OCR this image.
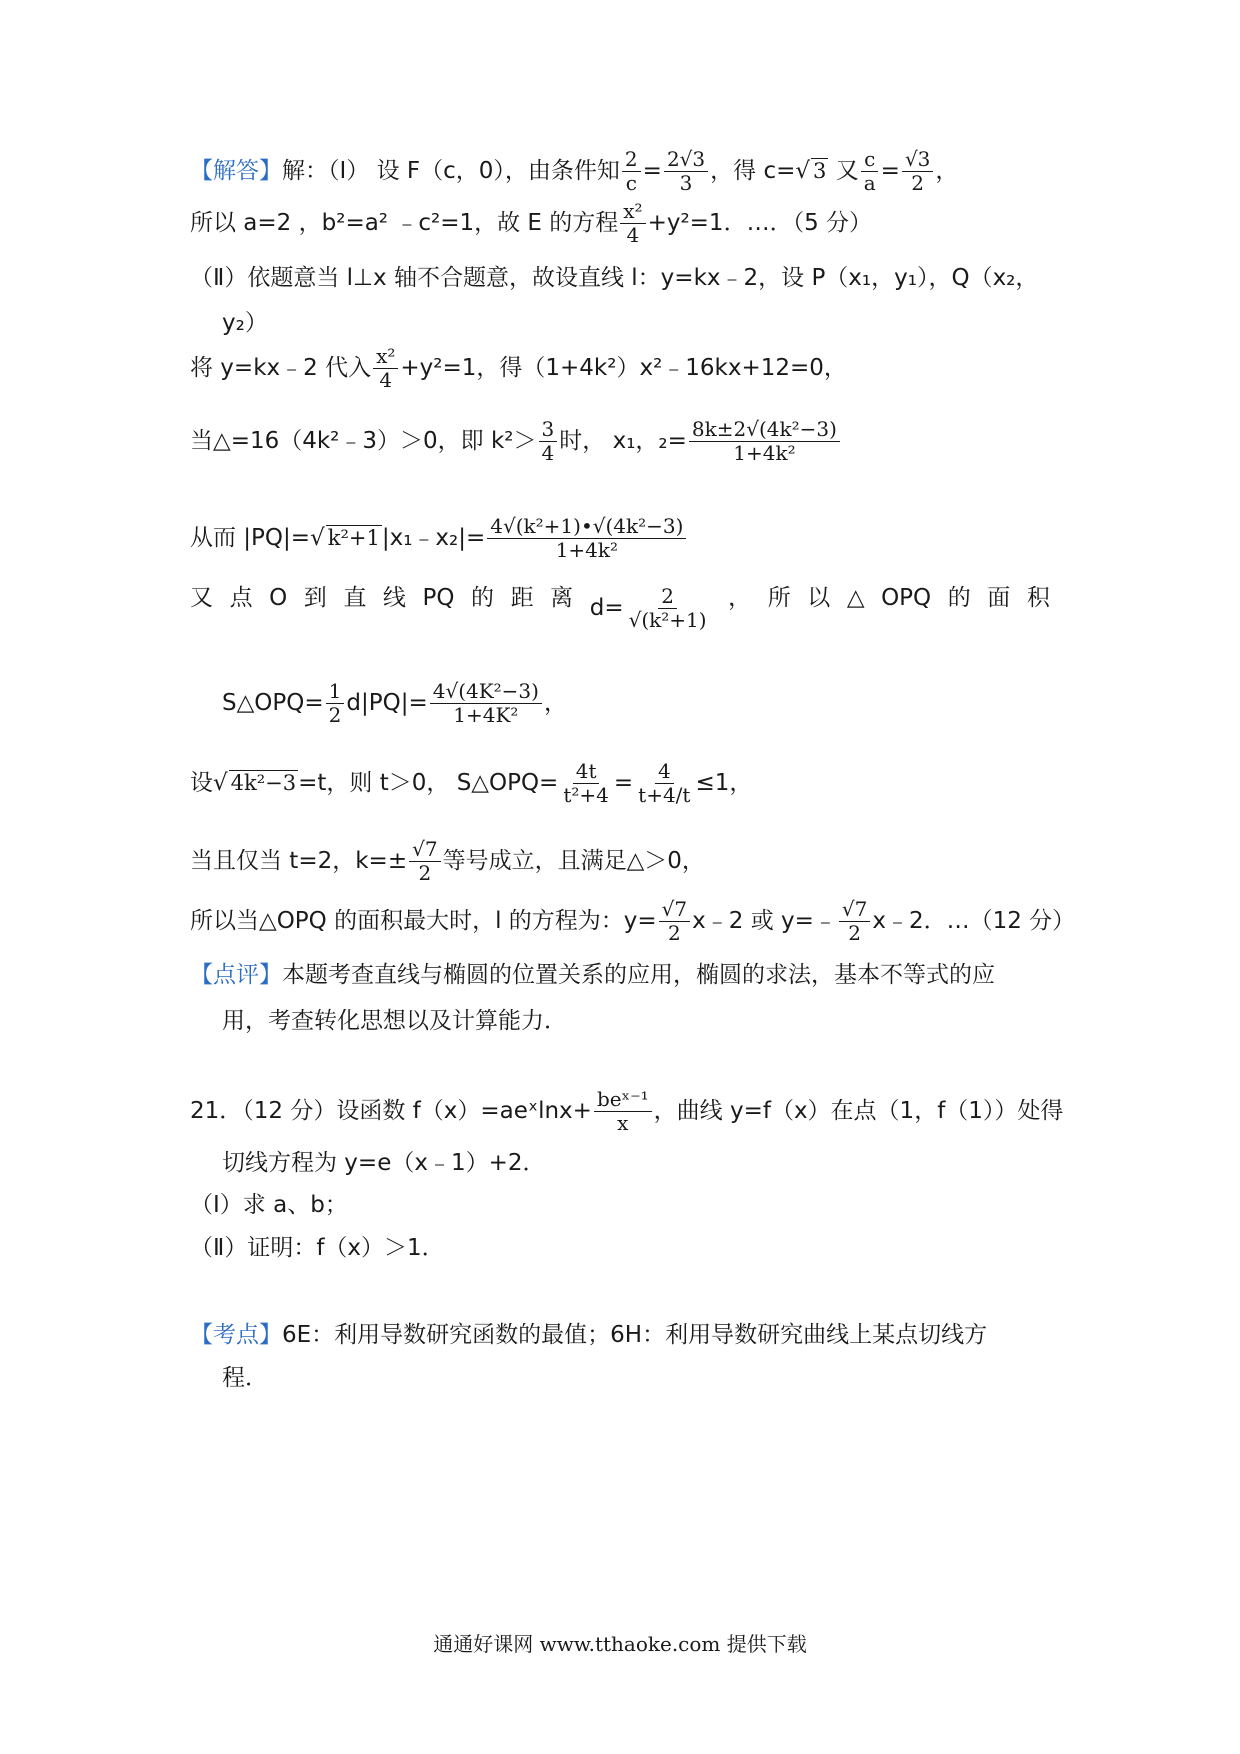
【解答】解：（Ⅰ） 设 F（c，0），由条件知 $\frac{2}{c} = \frac{2√3}{3}$ ，得 c=√ 3 又 $\frac{c}{a} = \frac{√3}{2}$ ，
所以 a=2 ，b²=a² ﹣c²=1，故 E 的方程 $\frac{\text{x²}}{4} +y^2=1$．…．（5 分）
（Ⅱ）依题意当 l⊥x 轴不合题意，故设直线 l：y=kx﹣2，设 P（x₁，y₁），Q（x₂，
y₂）
将 y=kx﹣2 代入 $\frac{\text{x²}}{4} +y^2=1$，得（1+4k²）x²﹣16kx+12=0，
当△=16（4k²﹣3）＞0，即 $k^2> \frac{3}{4}$ 时， x₁，$_2= \frac{\text{8k±2√(4k²−3)}}{\text{1+4k²}}$
从而 |PQ|=√ k²+1|x₁﹣x₂|= $\frac{\text{4√(k²+1)•√(4k²−3)}}{\text{1+4k²}}$
又 点 O 到 直 线 PQ 的 距 离 $d= \frac{2}{\text{√(k²+1)}}$ ， 所 以 △ OPQ 的 面 积
S△OPQ= $\frac{1}{2} d|PQ|= \frac{\text{4√(4K²−3)}}{\text{1+4K²}}$ ，
设√ 4k²−3=t，则 t＞0， S△OPQ= $\frac{4t}{\text{t²+4}} = \frac{4}{t+4/t} \le 1$，
当且仅当 t=2，$k=\pm \frac{√7}{2}$ 等号成立，且满足△＞0，
所以当△OPQ 的面积最大时，l 的方程为：$y= \frac{√7}{2}$ x﹣2 或 y=﹣ $\frac{√7}{2}$ x﹣2．…（12 分）
【点评】本题考查直线与椭圆的位置关系的应用，椭圆的求法，基本不等式的应
用，考查转化思想以及计算能力．
21．（12 分）设函数 f（x）=aeˣlnx+ $\frac{\text{beˣ⁻¹}}{x}$ ，曲线 y=f（x）在点（1，f（1））处得
切线方程为 y=e（x﹣1）+2．
（Ⅰ）求 a、b；
（Ⅱ）证明：f（x）＞1．
【考点】6E：利用导数研究函数的最值；6H：利用导数研究曲线上某点切线方
程．
通通好课网 www.tthaoke.com 提供下载
